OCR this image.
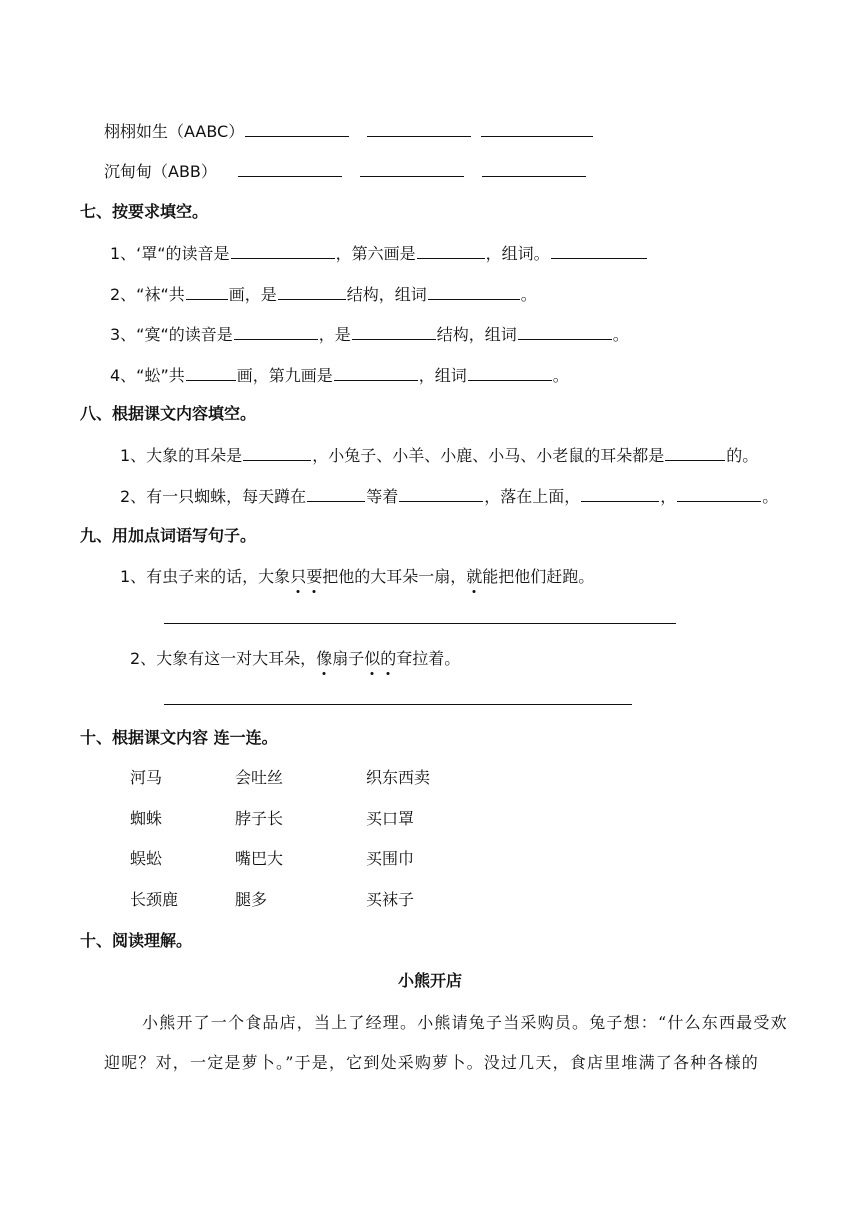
栩栩如生（AABC）
沉甸甸（ABB）
七、按要求填空。
1、‘罩“的读音是	，第六画是	，组词。
2、“袜“共	画，是	结构，组词	。
3、“寞“的读音是	，是	结构，组词	。
4、“蚣”共	画，第九画是	，组词	。
八、根据课文内容填空。
1、大象的耳朵是	，小兔子、小羊、小鹿、小马、小老鼠的耳朵都是	的。
2、有一只蜘蛛，每天蹲在	等着	，落在上面，	，	。
九、用加点词语写句子。
1、有虫子来的话，大象只要把他的大耳朵一扇，就能把他们赶跑。
2、大象有这一对大耳朵，像扇子似的耷拉着。
十、根据课文内容 连一连。
河马	会吐丝	织东西卖
蜘蛛	脖子长	买口罩
蜈蚣	嘴巴大	买围巾
长颈鹿	腿多	买袜子
十、阅读理解。
小熊开店
小熊开了一个食品店，当上了经理。小熊请兔子当采购员。兔子想：“什么东西最受欢
迎呢？对，一定是萝卜。”于是，它到处采购萝卜。没过几天，食店里堆满了各种各様的
